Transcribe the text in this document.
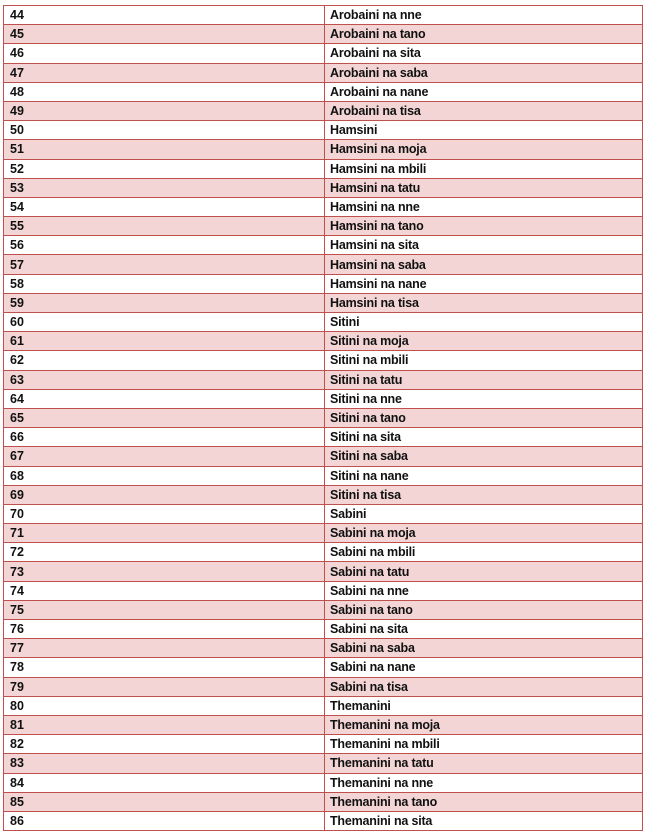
44	Arobaini na nne
45	Arobaini na tano
46	Arobaini na sita
47	Arobaini na saba
48	Arobaini na nane
49	Arobaini na tisa
50	Hamsini
51	Hamsini na moja
52	Hamsini na mbili
53	Hamsini na tatu
54	Hamsini na nne
55	Hamsini na tano
56	Hamsini na sita
57	Hamsini na saba
58	Hamsini na nane
59	Hamsini na tisa
60	Sitini
61	Sitini na moja
62	Sitini na mbili
63	Sitini na tatu
64	Sitini na nne
65	Sitini na tano
66	Sitini na sita
67	Sitini na saba
68	Sitini na nane
69	Sitini na tisa
70	Sabini
71	Sabini na moja
72	Sabini na mbili
73	Sabini na tatu
74	Sabini na nne
75	Sabini na tano
76	Sabini na sita
77	Sabini na saba
78	Sabini na nane
79	Sabini na tisa
80	Themanini
81	Themanini na moja
82	Themanini na mbili
83	Themanini na tatu
84	Themanini na nne
85	Themanini na tano
86	Themanini na sita
